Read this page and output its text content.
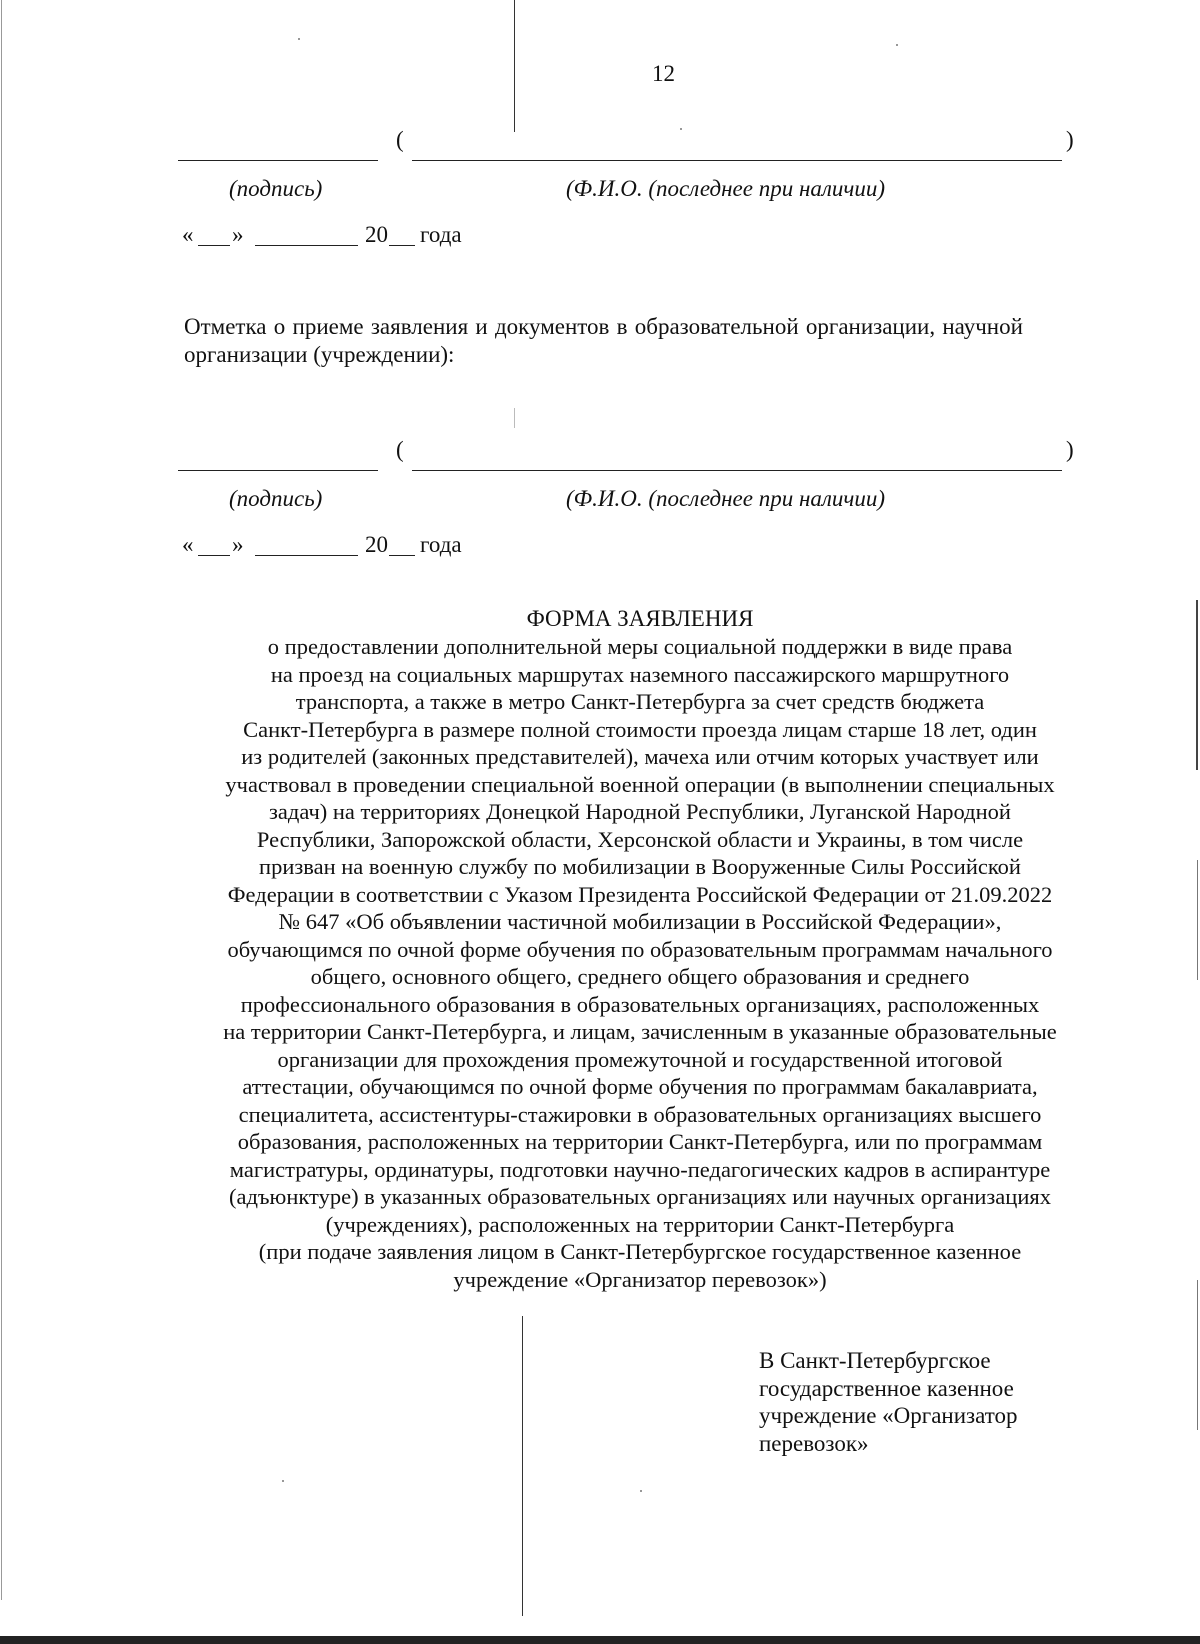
12
(	)
(подпись)	(Ф.И.О. (последнее при наличии)
« »	20 года
Отметка о приеме заявления и документов в образовательной организации, научной
организации (учреждении):
(	)
(подпись)	(Ф.И.О. (последнее при наличии)
« »	20 года
ФОРМА ЗАЯВЛЕНИЯ
о предоставлении дополнительной меры социальной поддержки в виде права
на проезд на социальных маршрутах наземного пассажирского маршрутного
транспорта, а также в метро Санкт-Петербурга за счет средств бюджета
Санкт-Петербурга в размере полной стоимости проезда лицам старше 18 лет, один
из родителей (законных представителей), мачеха или отчим которых участвует или
участвовал в проведении специальной военной операции (в выполнении специальных
задач) на территориях Донецкой Народной Республики, Луганской Народной
Республики, Запорожской области, Херсонской области и Украины, в том числе
призван на военную службу по мобилизации в Вооруженные Силы Российской
Федерации в соответствии с Указом Президента Российской Федерации от 21.09.2022
№ 647 «Об объявлении частичной мобилизации в Российской Федерации»,
обучающимся по очной форме обучения по образовательным программам начального
общего, основного общего, среднего общего образования и среднего
профессионального образования в образовательных организациях, расположенных
на территории Санкт-Петербурга, и лицам, зачисленным в указанные образовательные
организации для прохождения промежуточной и государственной итоговой
аттестации, обучающимся по очной форме обучения по программам бакалавриата,
специалитета, ассистентуры-стажировки в образовательных организациях высшего
образования, расположенных на территории Санкт-Петербурга, или по программам
магистратуры, ординатуры, подготовки научно-педагогических кадров в аспирантуре
(адъюнктуре) в указанных образовательных организациях или научных организациях
(учреждениях), расположенных на территории Санкт-Петербурга
(при подаче заявления лицом в Санкт-Петербургское государственное казенное
учреждение «Организатор перевозок»)
В Санкт-Петербургское
государственное казенное
учреждение «Организатор
перевозок»
